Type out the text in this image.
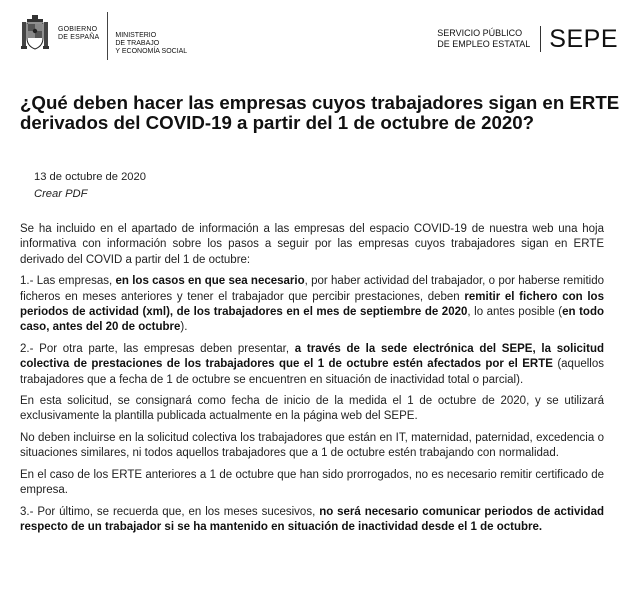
GOBIERNO
DE ESPAÑA MINISTERIO
DE TRABAJO
Y ECONOMÍA SOCIAL
SERVICIO PÚBLICO
DE EMPLEO ESTATAL SEPE
¿Qué deben hacer las empresas cuyos trabajadores sigan en ERTE derivados del COVID-19 a partir del 1 de octubre de 2020?
13 de octubre de 2020
Crear PDF

Se ha incluido en el apartado de información a las empresas del espacio COVID-19 de nuestra web una hoja informativa con información sobre los pasos a seguir por las empresas cuyos trabajadores sigan en ERTE derivado del COVID a partir del 1 de octubre:

1.- Las empresas, en los casos en que sea necesario, por haber actividad del trabajador, o por haberse remitido ficheros en meses anteriores y tener el trabajador que percibir prestaciones, deben remitir el fichero con los periodos de actividad (xml), de los trabajadores en el mes de septiembre de 2020, lo antes posible (en todo caso, antes del 20 de octubre).

2.- Por otra parte, las empresas deben presentar, a través de la sede electrónica del SEPE, la solicitud colectiva de prestaciones de los trabajadores que el 1 de octubre estén afectados por el ERTE (aquellos trabajadores que a fecha de 1 de octubre se encuentren en situación de inactividad total o parcial).

En esta solicitud, se consignará como fecha de inicio de la medida el 1 de octubre de 2020, y se utilizará exclusivamente la plantilla publicada actualmente en la página web del SEPE.

No deben incluirse en la solicitud colectiva los trabajadores que están en IT, maternidad, paternidad, excedencia o situaciones similares, ni todos aquellos trabajadores que a 1 de octubre estén trabajando con normalidad.

En el caso de los ERTE anteriores a 1 de octubre que han sido prorrogados, no es necesario remitir certificado de empresa.

3.- Por último, se recuerda que, en los meses sucesivos, no será necesario comunicar periodos de actividad respecto de un trabajador si se ha mantenido en situación de inactividad desde el 1 de octubre.
